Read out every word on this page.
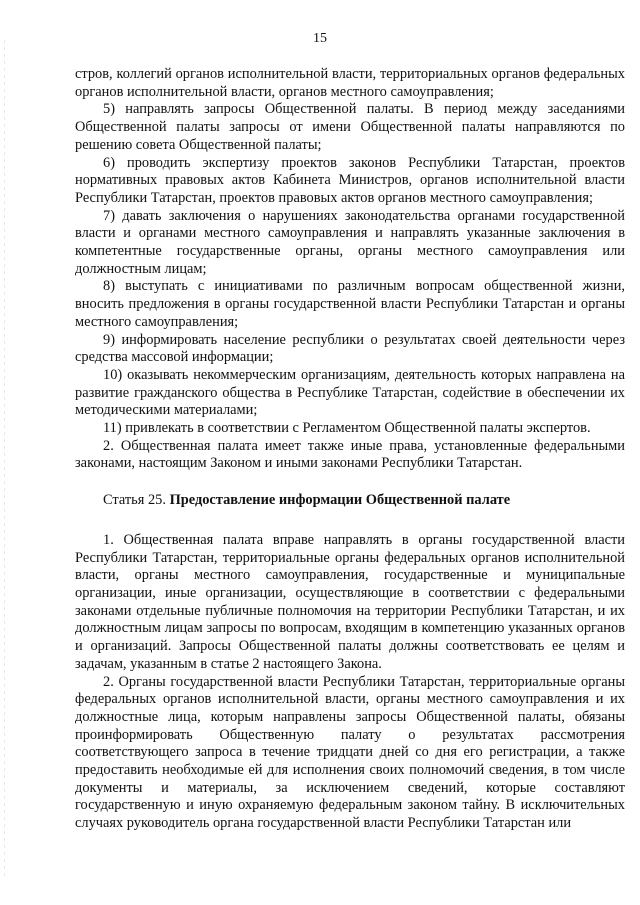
15

стров, коллегий органов исполнительной власти, территориальных органов федеральных органов исполнительной власти, органов местного самоуправления;

5) направлять запросы Общественной палаты. В период между заседаниями Общественной палаты запросы от имени Общественной палаты направляются по решению совета Общественной палаты;

6) проводить экспертизу проектов законов Республики Татарстан, проектов нормативных правовых актов Кабинета Министров, органов исполнительной власти Республики Татарстан, проектов правовых актов органов местного самоуправления;

7) давать заключения о нарушениях законодательства органами государственной власти и органами местного самоуправления и направлять указанные заключения в компетентные государственные органы, органы местного самоуправления или должностным лицам;

8) выступать с инициативами по различным вопросам общественной жизни, вносить предложения в органы государственной власти Республики Татарстан и органы местного самоуправления;

9) информировать население республики о результатах своей деятельности через средства массовой информации;

10) оказывать некоммерческим организациям, деятельность которых направлена на развитие гражданского общества в Республике Татарстан, содействие в обеспечении их методическими материалами;

11) привлекать в соответствии с Регламентом Общественной палаты экспертов.

2. Общественная палата имеет также иные права, установленные федеральными законами, настоящим Законом и иными законами Республики Татарстан.

Статья 25. Предоставление информации Общественной палате

1. Общественная палата вправе направлять в органы государственной власти Республики Татарстан, территориальные органы федеральных органов исполнительной власти, органы местного самоуправления, государственные и муниципальные организации, иные организации, осуществляющие в соответствии с федеральными законами отдельные публичные полномочия на территории Республики Татарстан, и их должностным лицам запросы по вопросам, входящим в компетенцию указанных органов и организаций. Запросы Общественной палаты должны соответствовать ее целям и задачам, указанным в статье 2 настоящего Закона.

2. Органы государственной власти Республики Татарстан, территориальные органы федеральных органов исполнительной власти, органы местного самоуправления и их должностные лица, которым направлены запросы Общественной палаты, обязаны проинформировать Общественную палату о результатах рассмотрения соответствующего запроса в течение тридцати дней со дня его регистрации, а также предоставить необходимые ей для исполнения своих полномочий сведения, в том числе документы и материалы, за исключением сведений, которые составляют государственную и иную охраняемую федеральным законом тайну. В исключительных случаях руководитель органа государственной власти Республики Татарстан или
